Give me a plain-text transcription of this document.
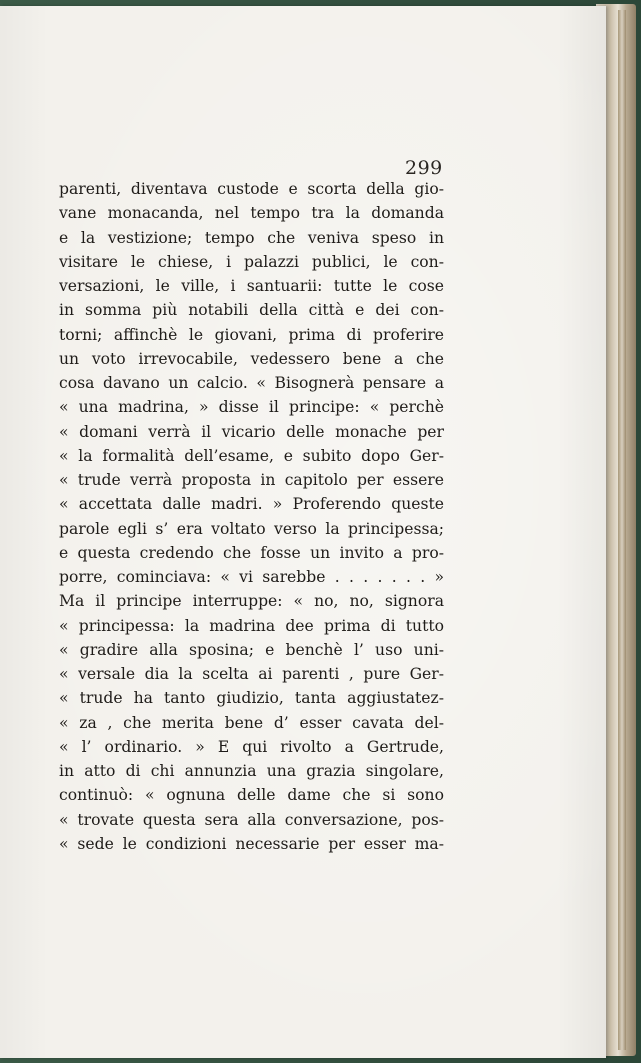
299

parenti, diventava custode e scorta della gio-
vane monacanda, nel tempo tra la domanda
e la vestizione; tempo che veniva speso in
visitare le chiese, i palazzi publici, le con-
versazioni, le ville, i santuarii: tutte le cose
in somma più notabili della città e dei con-
torni; affinchè le giovani, prima di proferire
un voto irrevocabile, vedessero bene a che
cosa davano un calcio. « Bisognerà pensare a
« una madrina, » disse il principe: « perchè
« domani verrà il vicario delle monache per
« la formalità dell’esame, e subito dopo Ger-
« trude verrà proposta in capitolo per essere
« accettata dalle madri. » Proferendo queste
parole egli s’ era voltato verso la principessa;
e questa credendo che fosse un invito a pro-
porre, cominciava: « vi sarebbe . . . . . . . »
Ma il principe interruppe: « no, no, signora
« principessa: la madrina dee prima di tutto
« gradire alla sposina; e benchè l’ uso uni-
« versale dia la scelta ai parenti , pure Ger-
« trude ha tanto giudizio, tanta aggiustatez-
« za , che merita bene d’ esser cavata del-
« l’ ordinario. » E qui rivolto a Gertrude,
in atto di chi annunzia una grazia singolare,
continuò: « ognuna delle dame che si sono
« trovate questa sera alla conversazione, pos-
« sede le condizioni necessarie per esser ma-
